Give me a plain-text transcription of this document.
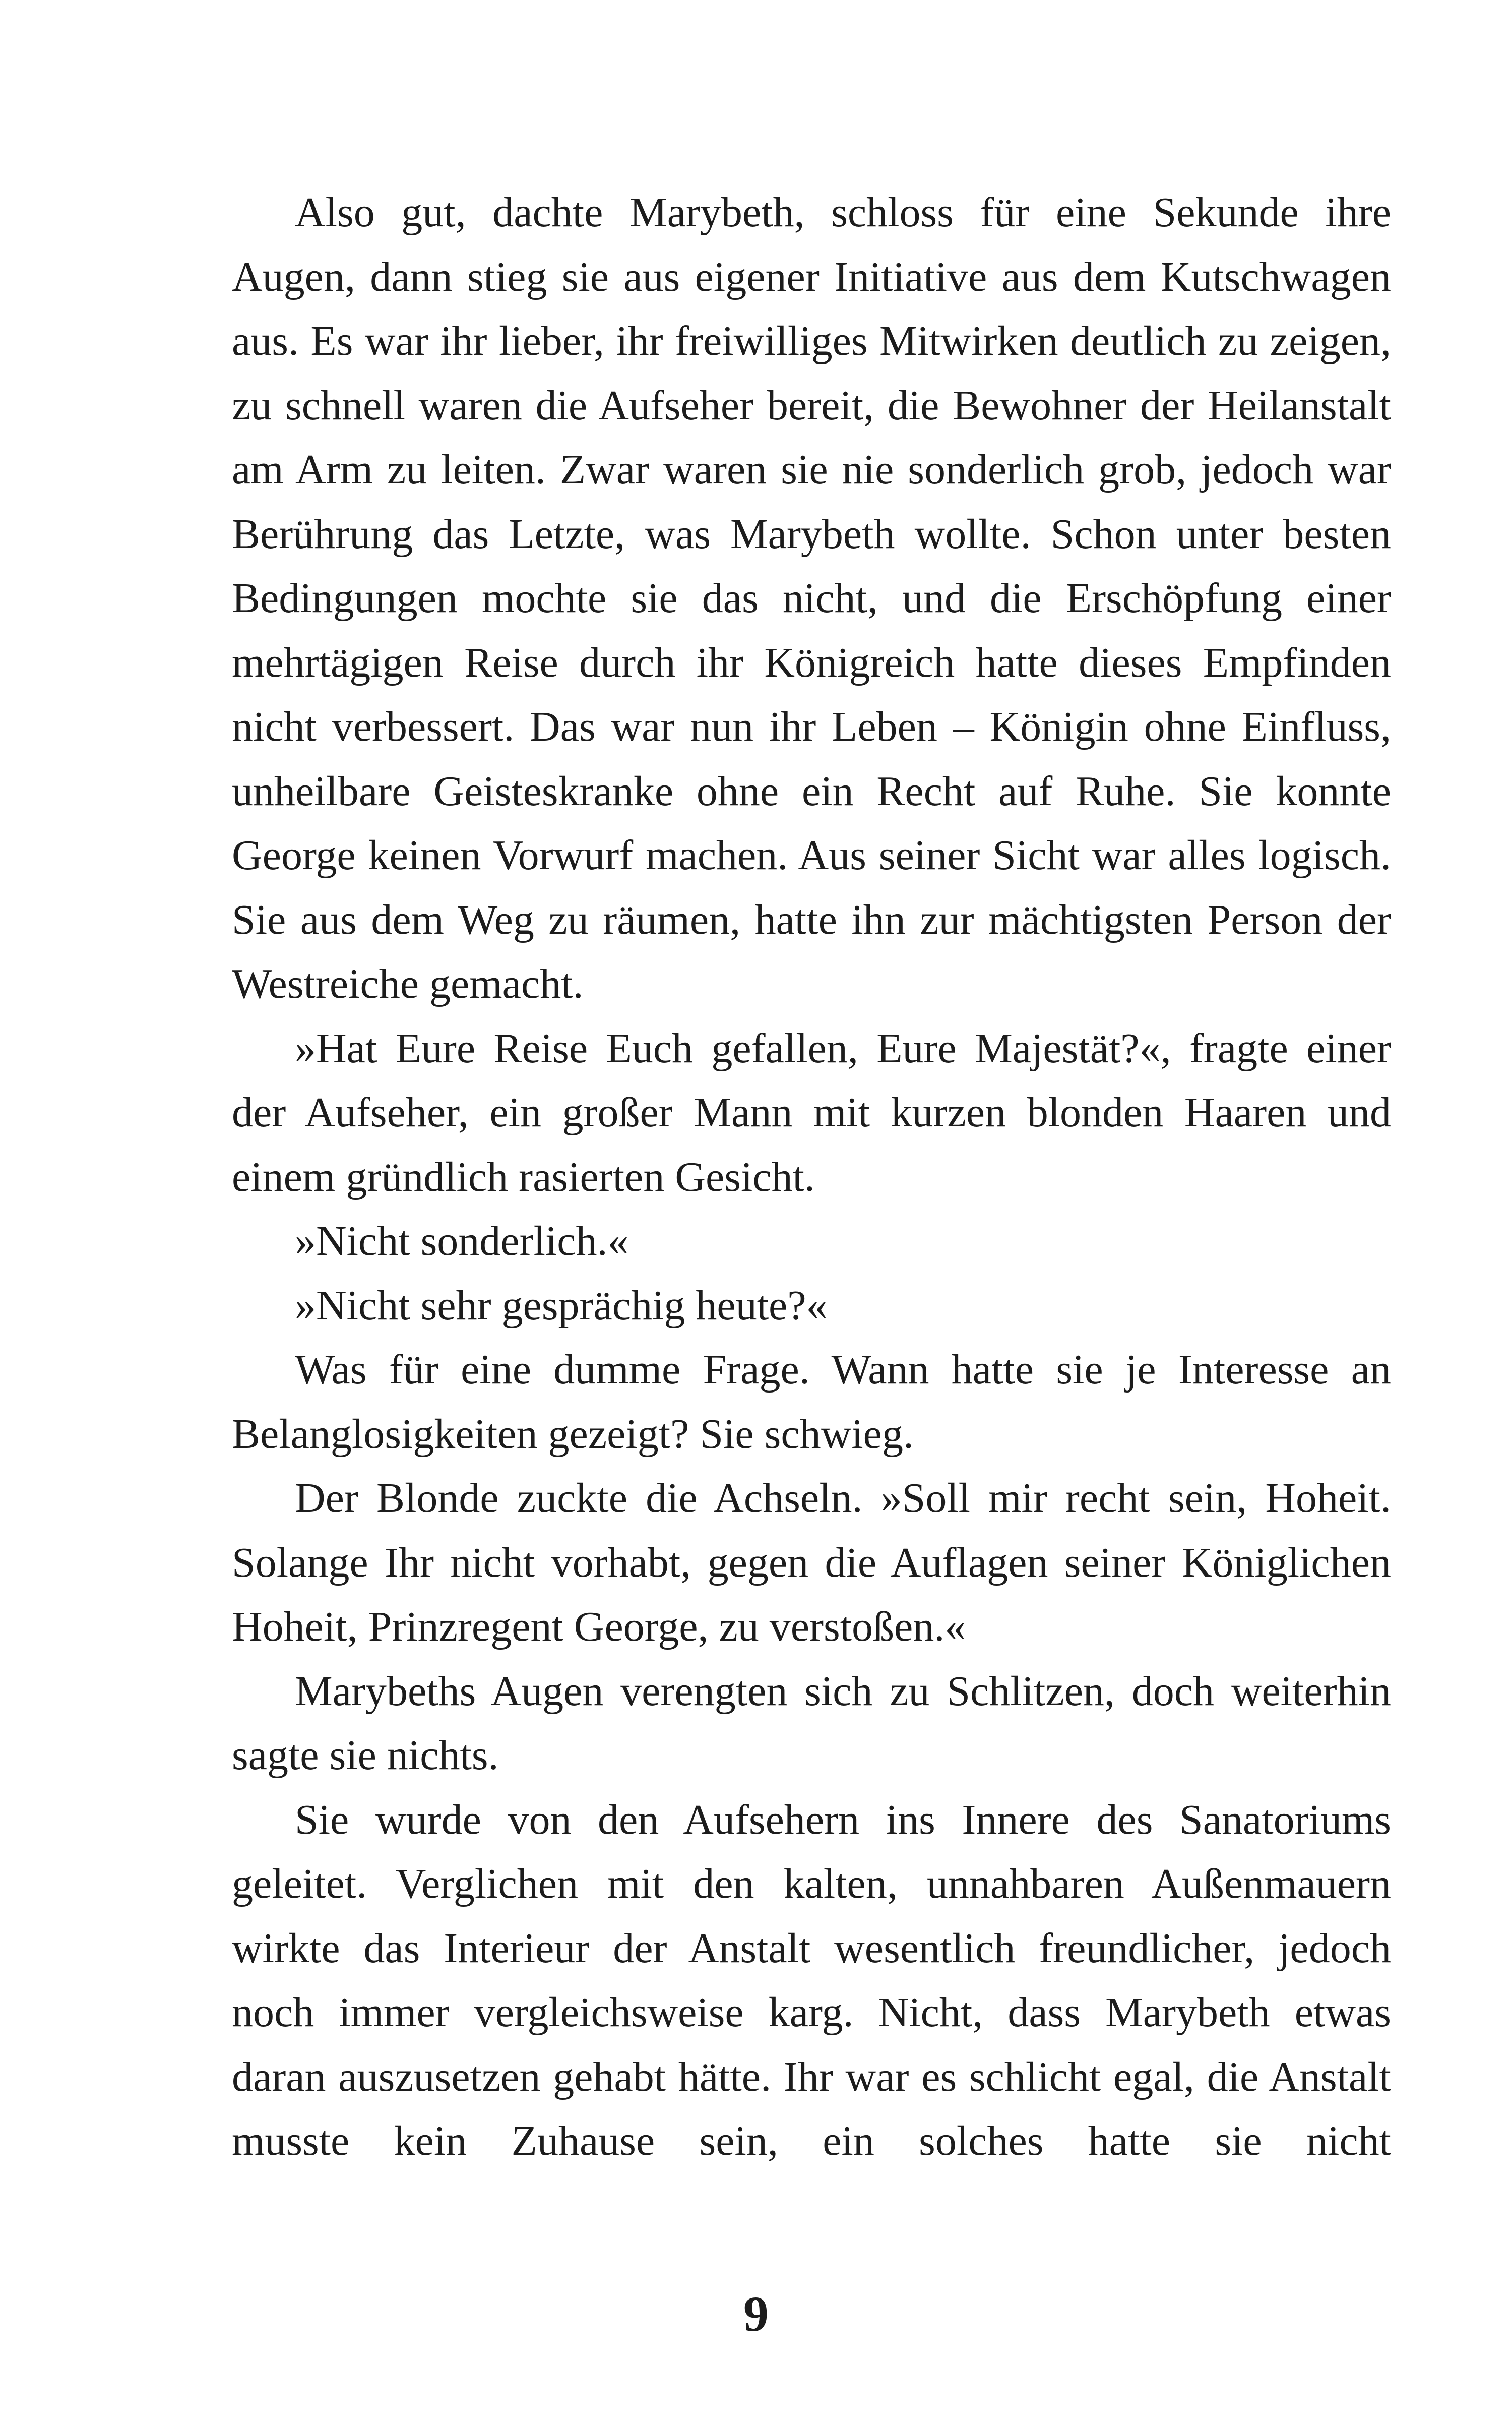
Also gut, dachte Marybeth, schloss für eine Sekunde ihre Augen, dann stieg sie aus eigener Initiative aus dem Kutschwagen aus. Es war ihr lieber, ihr freiwilliges Mitwirken deutlich zu zeigen, zu schnell waren die Aufseher bereit, die Bewohner der Heilanstalt am Arm zu leiten. Zwar waren sie nie sonderlich grob, jedoch war Berührung das Letzte, was Marybeth wollte. Schon unter besten Bedingungen mochte sie das nicht, und die Erschöpfung einer mehrtägigen Reise durch ihr Königreich hatte dieses Empfinden nicht verbessert. Das war nun ihr Leben – Königin ohne Einfluss, unheilbare Geisteskranke ohne ein Recht auf Ruhe. Sie konnte George keinen Vorwurf machen. Aus seiner Sicht war alles logisch. Sie aus dem Weg zu räumen, hatte ihn zur mächtigsten Person der Westreiche gemacht.

»Hat Eure Reise Euch gefallen, Eure Majestät?«, fragte einer der Aufseher, ein großer Mann mit kurzen blonden Haaren und einem gründlich rasierten Gesicht.

»Nicht sonderlich.«

»Nicht sehr gesprächig heute?«

Was für eine dumme Frage. Wann hatte sie je Interesse an Belanglosigkeiten gezeigt? Sie schwieg.

Der Blonde zuckte die Achseln. »Soll mir recht sein, Hoheit. Solange Ihr nicht vorhabt, gegen die Auflagen seiner Königlichen Hoheit, Prinzregent George, zu verstoßen.«

Marybeths Augen verengten sich zu Schlitzen, doch weiterhin sagte sie nichts.

Sie wurde von den Aufsehern ins Innere des Sanatoriums geleitet. Verglichen mit den kalten, unnahbaren Außenmauern wirkte das Interieur der Anstalt wesentlich freundlicher, jedoch noch immer vergleichsweise karg. Nicht, dass Marybeth etwas daran auszusetzen gehabt hätte. Ihr war es schlicht egal, die Anstalt musste kein Zuhause sein, ein solches hatte sie nicht

9
